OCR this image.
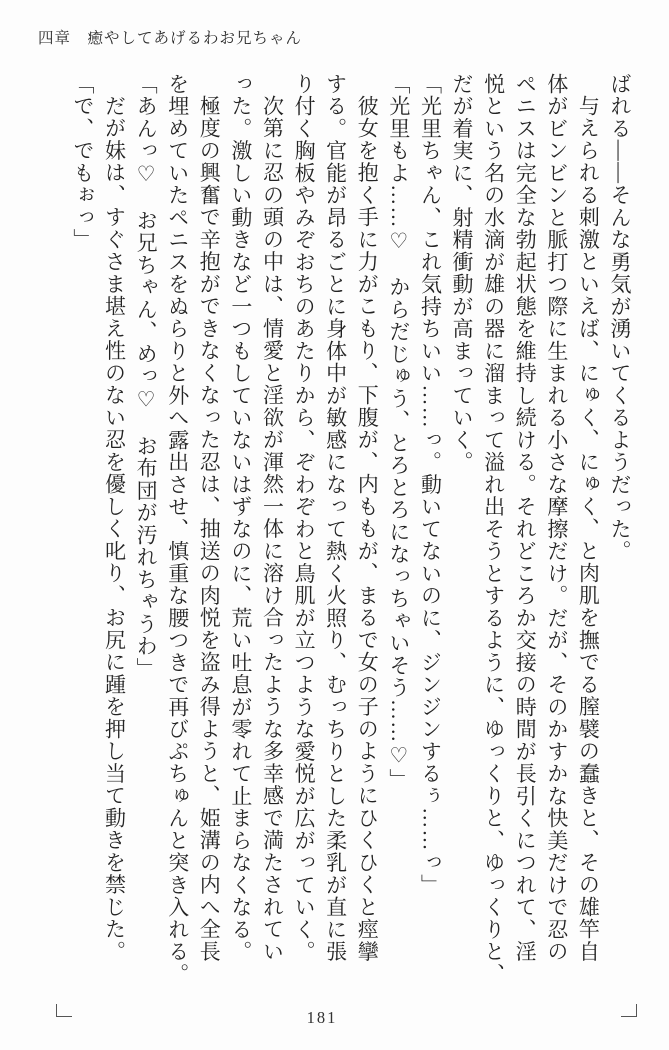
四章　癒やしてあげるわお兄ちゃん
ばれる——そんな勇気が湧いてくるようだった。
与えられる刺激といえば、にゅく、にゅく、と肉肌を撫でる膣襞の蠢きと、その雄竿自
体がビンビンと脈打つ際に生まれる小さな摩擦だけ。だが、そのかすかな快美だけで忍の
ペニスは完全な勃起状態を維持し続ける。それどころか交接の時間が長引くにつれて、淫
悦という名の水滴が雄の器に溜まって溢れ出そうとするように、ゆっくりと、ゆっくりと、
だが着実に、射精衝動が高まっていく。
「光里ちゃん、これ気持ちいい……っ。動いてないのに、ジンジンするぅ……っ」
「光里もよ……♡　からだじゅう、とろとろになっちゃいそう……♡」
彼女を抱く手に力がこもり、下腹が、内ももが、まるで女の子のようにひくひくと痙攣
する。官能が昂るごとに身体中が敏感になって熱く火照り、むっちりとした柔乳が直に張
り付く胸板やみぞおちのあたりから、ぞわぞわと鳥肌が立つような愛悦が広がっていく。
次第に忍の頭の中は、情愛と淫欲が渾然一体に溶け合ったような多幸感で満たされてい
った。激しい動きなど一つもしていないはずなのに、荒い吐息が零れて止まらなくなる。
極度の興奮で辛抱ができなくなった忍は、抽送の肉悦を盗み得ようと、姫溝の内へ全長
を埋めていたペニスをぬらりと外へ露出させ、慎重な腰つきで再びぷちゅんと突き入れる。
「あんっ♡　お兄ちゃん、めっ♡　お布団が汚れちゃうわ」
だが妹は、すぐさま堪え性のない忍を優しく叱り、お尻に踵を押し当て動きを禁じた。
「で、でもぉっ」
181
